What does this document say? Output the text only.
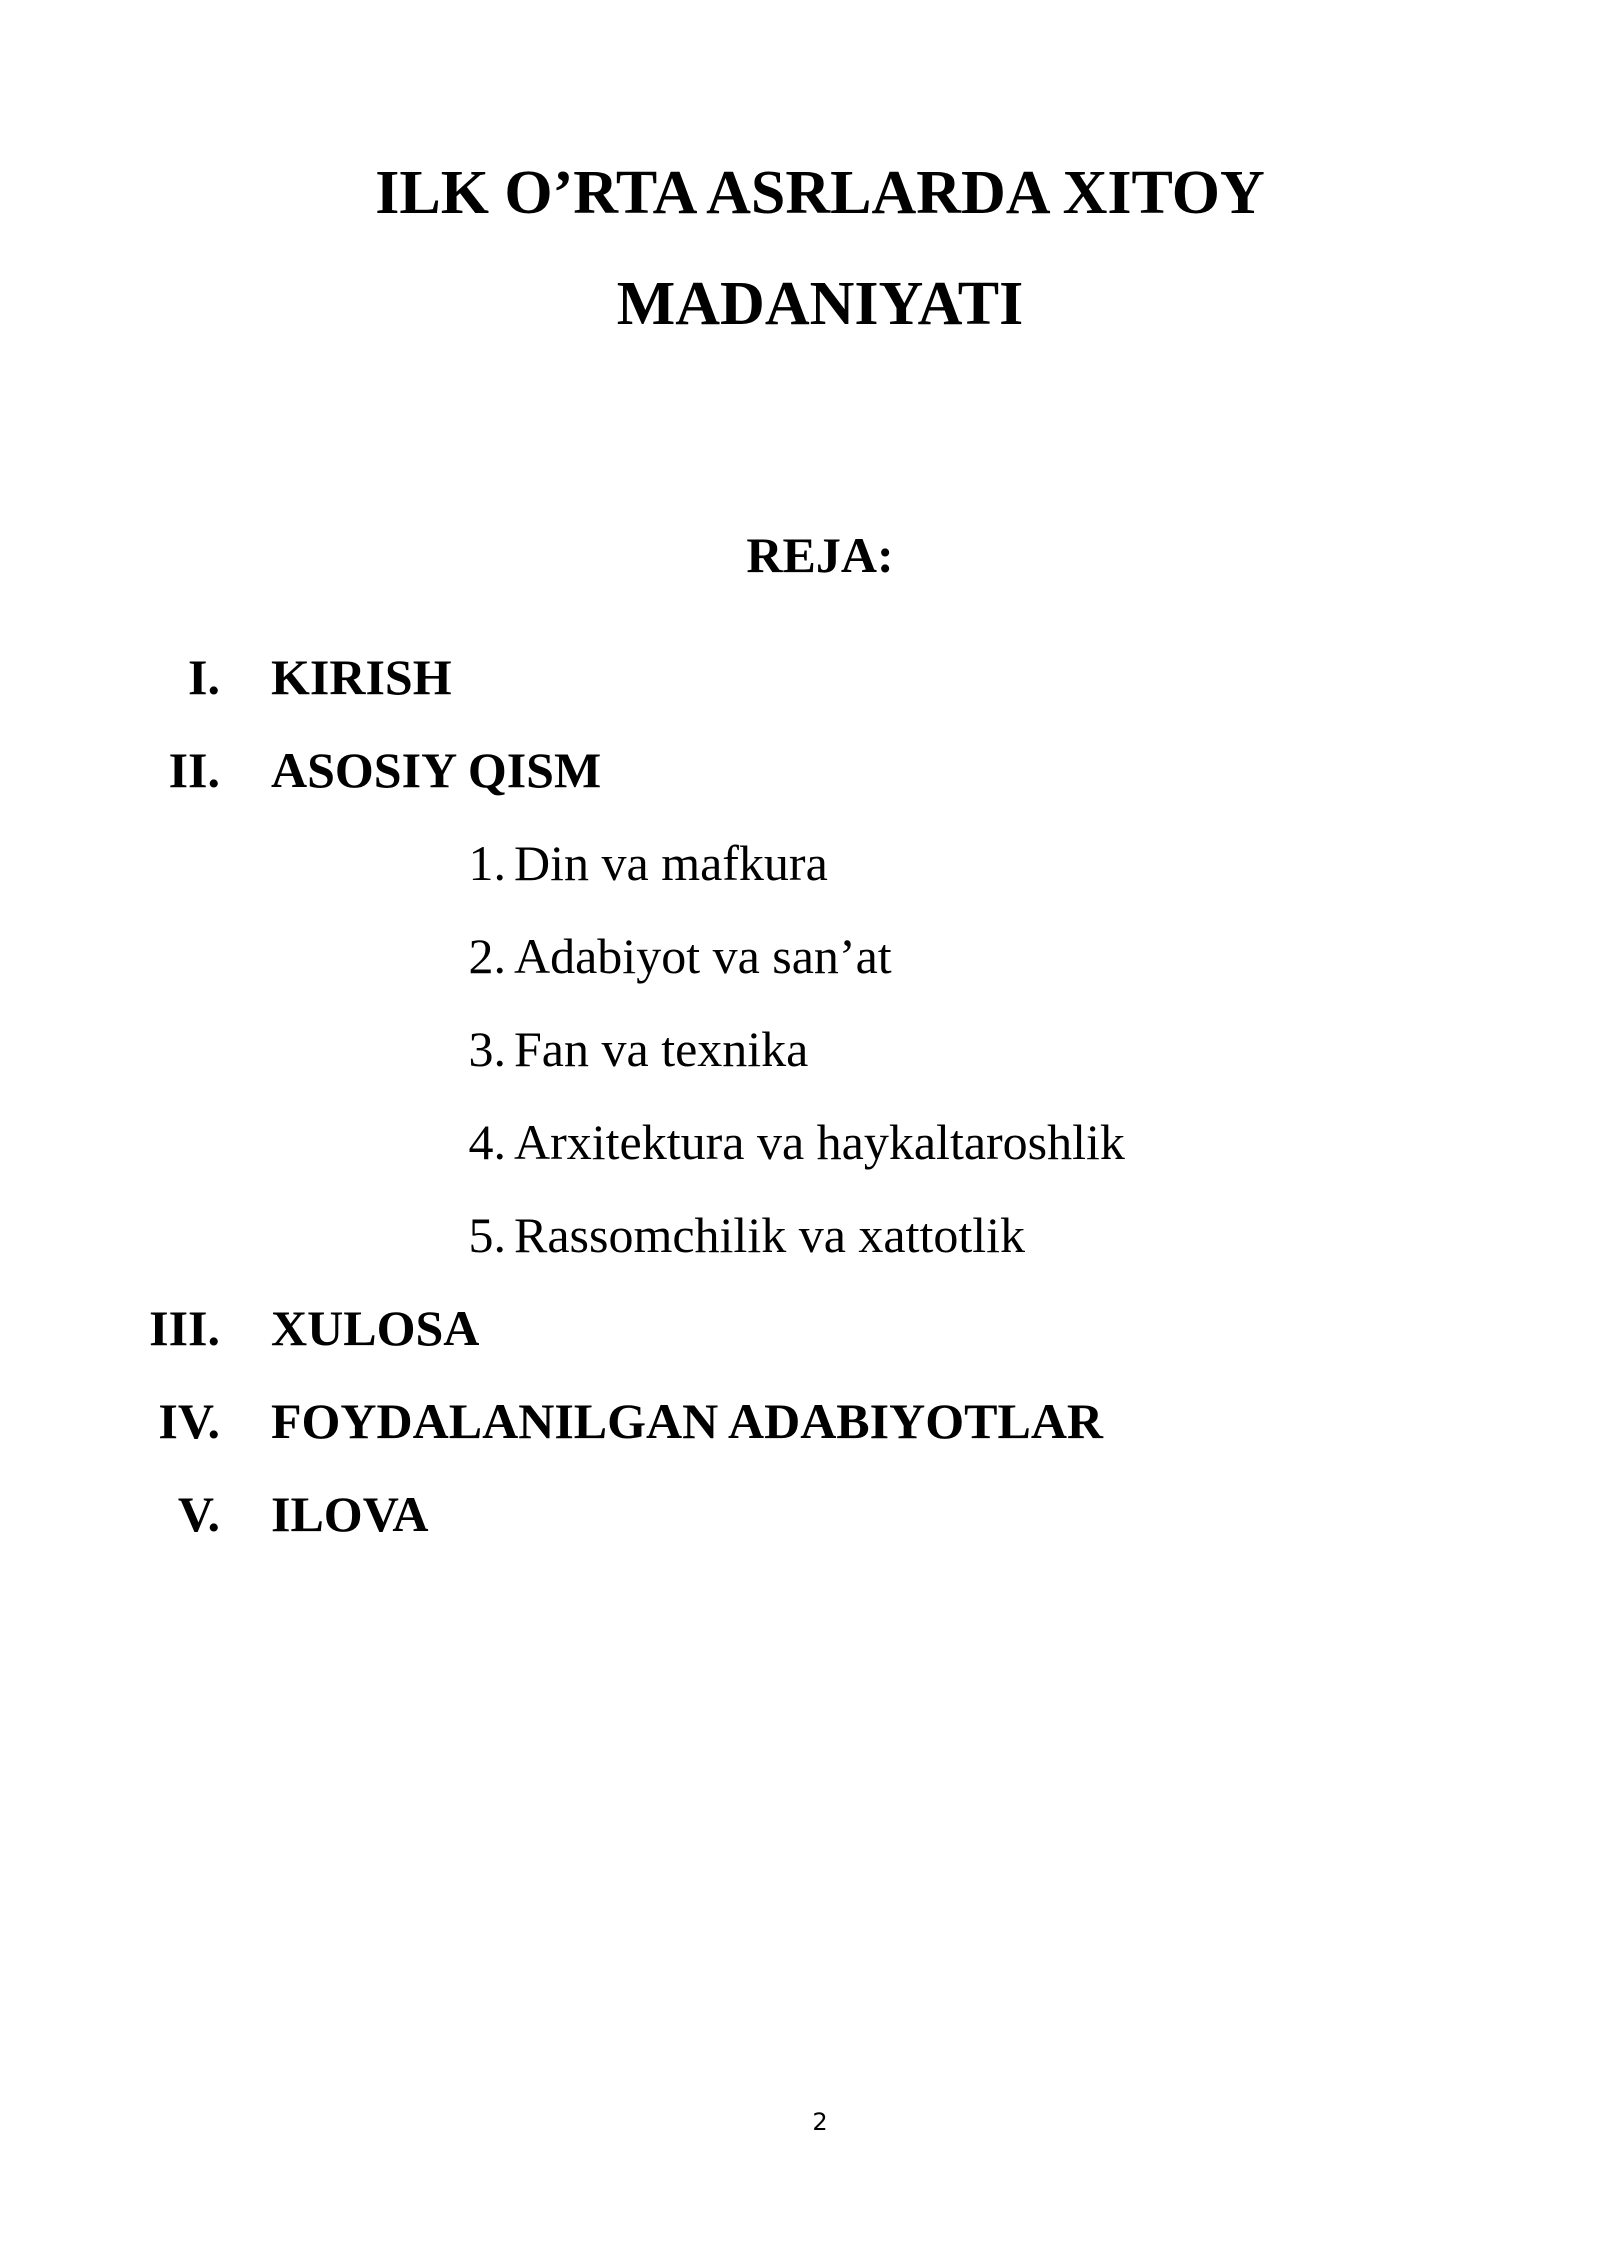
ILK O’RTA ASRLARDA XITOY
MADANIYATI
REJA:
I. KIRISH
II. ASOSIY QISM
1. Din va mafkura
2. Adabiyot va san’at
3. Fan va texnika
4. Arxitektura va haykaltaroshlik
5. Rassomchilik va xattotlik
III. XULOSA
IV. FOYDALANILGAN ADABIYOTLAR
V. ILOVA
2
